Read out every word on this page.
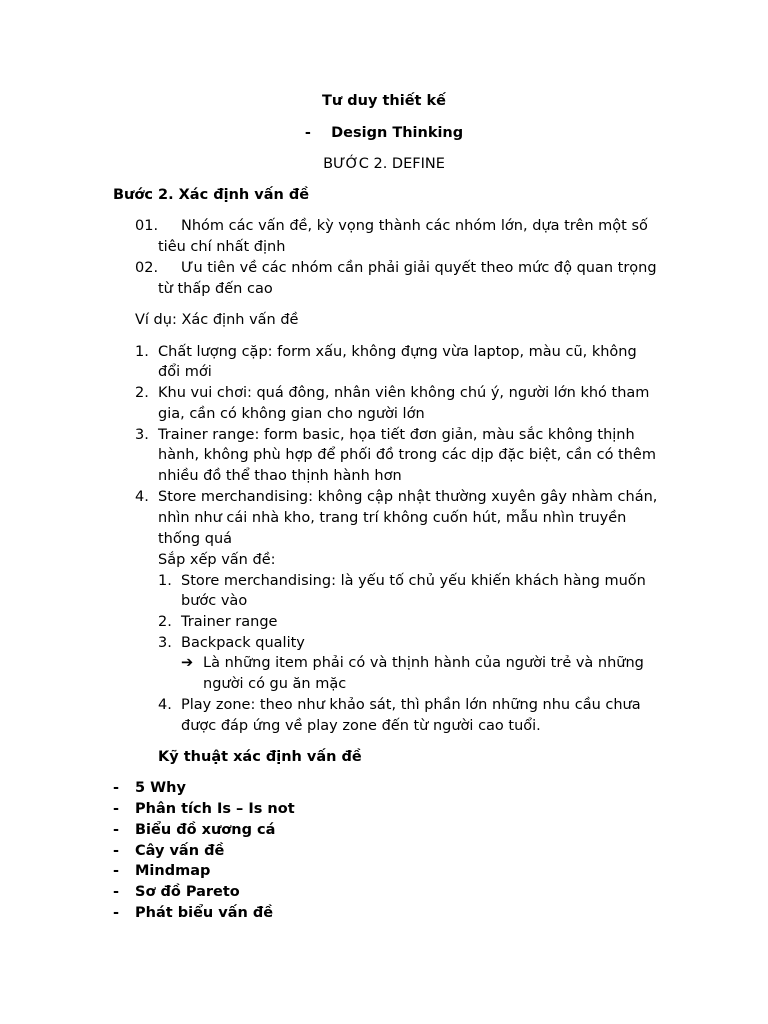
Tư duy thiết kế
- Design Thinking
BƯỚC 2. DEFINE
Bước 2. Xác định vấn đề
01. Nhóm các vấn đề, kỳ vọng thành các nhóm lớn, dựa trên một số
tiêu chí nhất định
02. Ưu tiên về các nhóm cần phải giải quyết theo mức độ quan trọng
từ thấp đến cao
Ví dụ: Xác định vấn đề
1. Chất lượng cặp: form xấu, không đựng vừa laptop, màu cũ, không
đổi mới
2. Khu vui chơi: quá đông, nhân viên không chú ý, người lớn khó tham
gia, cần có không gian cho người lớn
3. Trainer range: form basic, họa tiết đơn giản, màu sắc không thịnh
hành, không phù hợp để phối đồ trong các dịp đặc biệt, cần có thêm
nhiều đồ thể thao thịnh hành hơn
4. Store merchandising: không cập nhật thường xuyên gây nhàm chán,
nhìn như cái nhà kho, trang trí không cuốn hút, mẫu nhìn truyền
thống quá
Sắp xếp vấn đề:
1. Store merchandising: là yếu tố chủ yếu khiến khách hàng muốn
bước vào
2. Trainer range
3. Backpack quality
➔ Là những item phải có và thịnh hành của người trẻ và những
người có gu ăn mặc
4. Play zone: theo như khảo sát, thì phần lớn những nhu cầu chưa
được đáp ứng về play zone đến từ người cao tuổi.
Kỹ thuật xác định vấn đề
- 5 Why
- Phân tích Is – Is not
- Biểu đồ xương cá
- Cây vấn đề
- Mindmap
- Sơ đồ Pareto
- Phát biểu vấn đề
